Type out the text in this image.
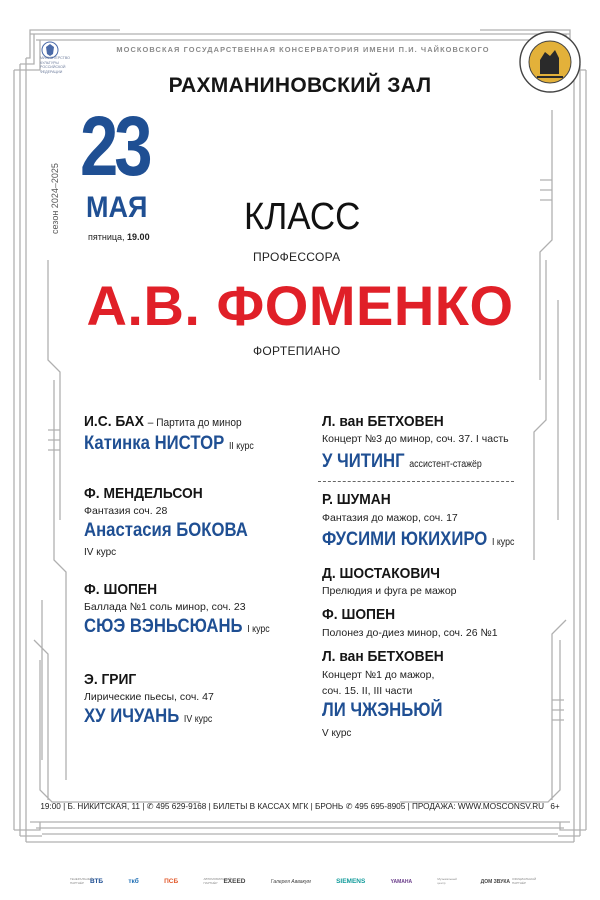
МОСКОВСКАЯ ГОСУДАРСТВЕННАЯ КОНСЕРВАТОРИЯ ИМЕНИ П.И. ЧАЙКОВСКОГО
МИНИСТЕРСТВО КУЛЬТУРЫ РОССИЙСКОЙ ФЕДЕРАЦИИ
РАХМАНИНОВСКИЙ ЗАЛ
23
МАЯ
сезон 2024–2025
пятница, 19.00 КЛАСС
ПРОФЕССОРА
А.В. ФОМЕНКО
ФОРТЕПИАНО
И.С. БАХ – Партита до минор
Катинка НИСТОР II курс
Ф. МЕНДЕЛЬСОН
Фантазия соч. 28
Анастасия БОКОВА
IV курс
Ф. ШОПЕН
Баллада №1 соль минор, соч. 23
СЮЭ ВЭНЬСЮАНЬ I курс
Э. ГРИГ
Лирические пьесы, соч. 47
ХУ ИЧУАНЬ IV курс
Л. ван БЕТХОВЕН
Концерт №3 до минор, соч. 37. I часть
У ЧИТИНГ ассистент-стажёр
Р. ШУМАН
Фантазия до мажор, соч. 17
ФУСИМИ ЮКИХИРО I курс
Д. ШОСТАКОВИЧ
Прелюдия и фуга ре мажор
Ф. ШОПЕН
Полонез до-диез минор, соч. 26 №1
Л. ван БЕТХОВЕН
Концерт №1 до мажор,
соч. 15. II, III части
ЛИ ЧЖЭНЬЮЙ
V курс
19:00 | Б. НИКИТСКАЯ, 11 | ✆ 495 629-9168 | БИЛЕТЫ В КАССАХ МГК | БРОНЬ ✆ 495 695-8905 | ПРОДАЖА: WWW.MOSCONSV.RU 6+
ГЕНЕРАЛЬНЫЙ ПАРТНЁР ВТБ	ткб	ПСБ	АВТОМОБИЛЬНЫЙ ПАРТНЁР EXEED	Галерея Аввакум	SIEMENS	YAMAHA	Музыкальный центр	ДОМ ЗВУКА ОФИЦИАЛЬНЫЙ ПАРТНЁР
